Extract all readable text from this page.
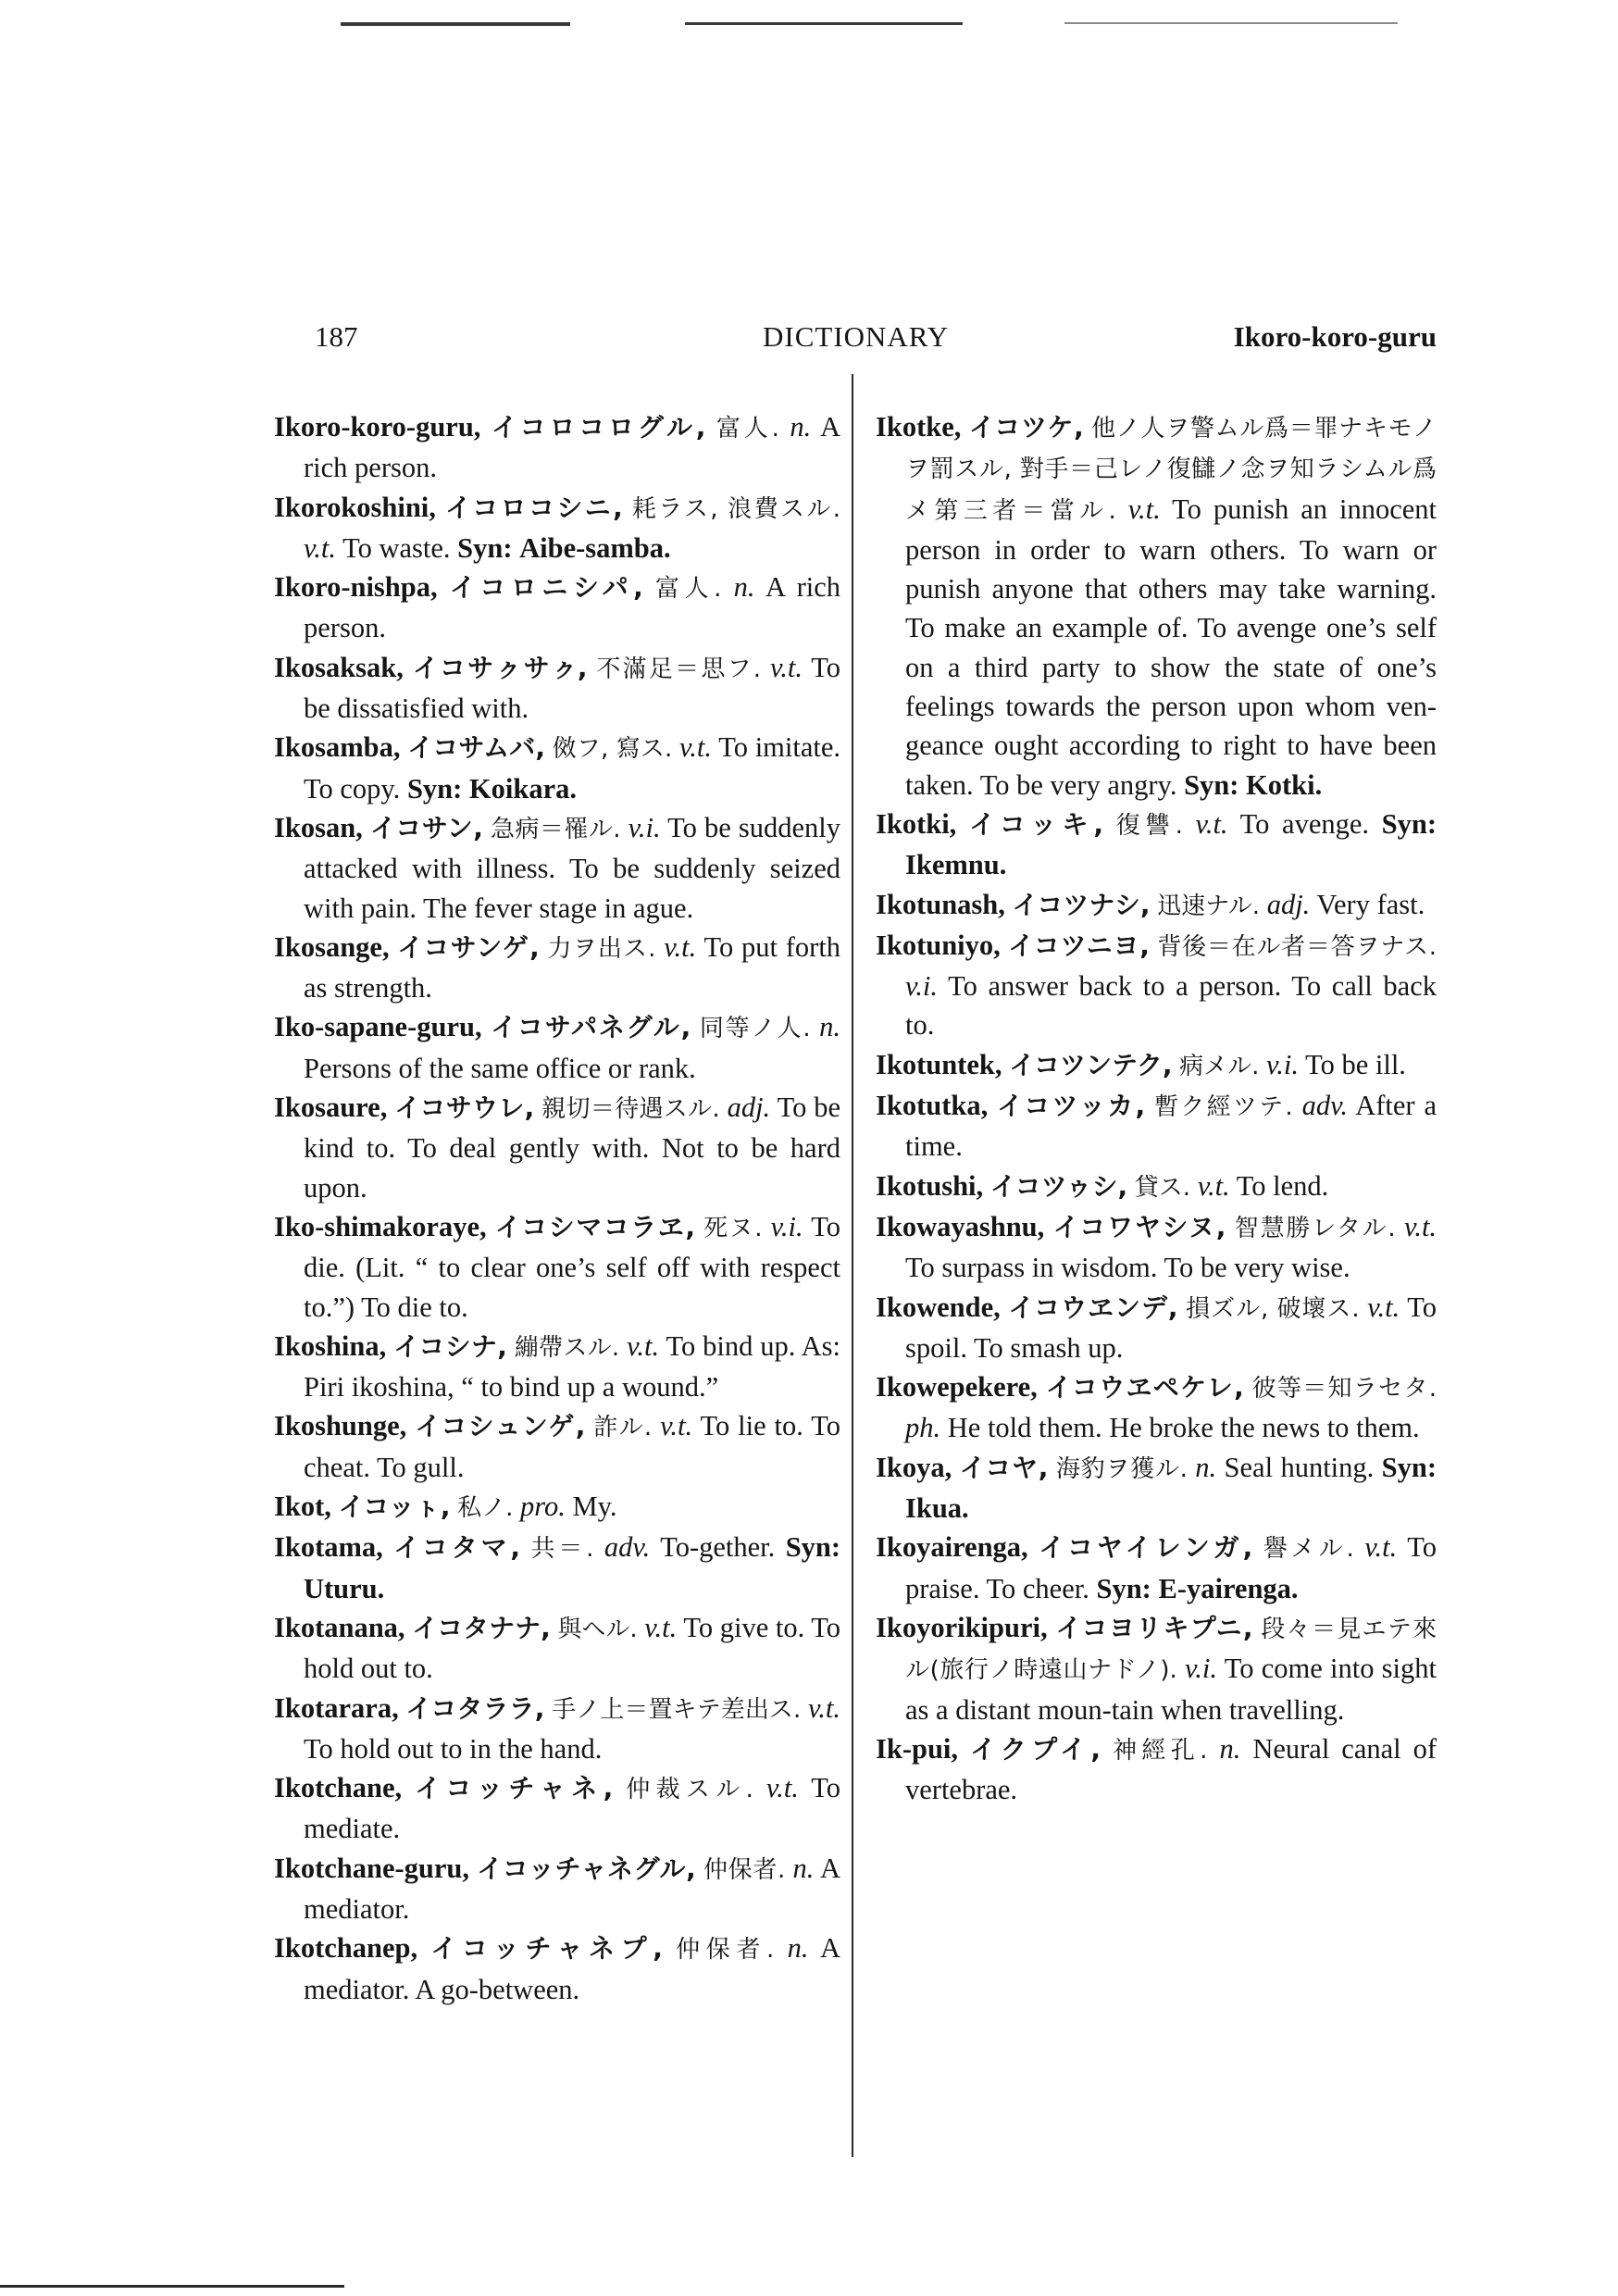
187	DICTIONARY	Ikoro-koro-guru

Ikoro-koro-guru, イコロコログル, 富人. n. A rich person.

Ikorokoshini, イコロコシニ, 耗ラス, 浪費スル. v.t. To waste. Syn: Aibe-samba.

Ikoro-nishpa, イコロニシパ, 富人. n. A rich person.

Ikosaksak, イコサㇰサㇰ, 不滿足＝思フ. v.t. To be dissatisfied with.

Ikosamba, イコサムバ, 傚フ, 寫ス. v.t. To imitate. To copy. Syn: Koikara.

Ikosan, イコサン, 急病＝罹ル. v.i. To be suddenly attacked with illness. To be suddenly seized with pain. The fever stage in ague.

Ikosange, イコサンゲ, 力ヲ出ス. v.t. To put forth as strength.

Iko-sapane-guru, イコサパネグル, 同等ノ人. n. Persons of the same office or rank.

Ikosaure, イコサウレ, 親切＝待遇スル. adj. To be kind to. To deal gently with. Not to be hard upon.

Iko-shimakoraye, イコシマコラヱ, 死ヌ. v.i. To die. (Lit. “ to clear one’s self off with respect to.”) To die to.

Ikoshina, イコシナ, 繃帶スル. v.t. To bind up. As: Piri ikoshina, “ to bind up a wound.”

Ikoshunge, イコシュンゲ, 詐ル. v.t. To lie to. To cheat. To gull.

Ikot, イコッㇳ, 私ノ. pro. My.

Ikotama, イコタマ, 共＝. adv. To-gether. Syn: Uturu.

Ikotanana, イコタナナ, 與ヘル. v.t. To give to. To hold out to.

Ikotarara, イコタララ, 手ノ上＝置キテ差出ス. v.t. To hold out to in the hand.

Ikotchane, イコッチャネ, 仲裁スル. v.t. To mediate.

Ikotchane-guru, イコッチャネグル, 仲保者. n. A mediator.

Ikotchanep, イコッチャネプ, 仲保者. n. A mediator. A go-between.

Ikotke, イコツケ, 他ノ人ヲ警ムル爲＝罪ナキモノヲ罰スル, 對手＝己レノ復讎ノ念ヲ知ラシムル爲メ第三者＝當ル. v.t. To punish an innocent person in order to warn others. To warn or punish anyone that others may take warning. To make an example of. To avenge one’s self on a third party to show the state of one’s feelings towards the person upon whom ven-geance ought according to right to have been taken. To be very angry. Syn: Kotki.

Ikotki, イコッキ, 復讐. v.t. To avenge. Syn: Ikemnu.

Ikotunash, イコツナシ, 迅速ナル. adj. Very fast.

Ikotuniyo, イコツニヨ, 背後＝在ル者＝答ヲナス. v.i. To answer back to a person. To call back to.

Ikotuntek, イコツンテク, 病メル. v.i. To be ill.

Ikotutka, イコツッカ, 暫ク經ツテ. adv. After a time.

Ikotushi, イコツゥシ, 貸ス. v.t. To lend.

Ikowayashnu, イコワヤシヌ, 智慧勝レタル. v.t. To surpass in wisdom. To be very wise.

Ikowende, イコウヱンデ, 損ズル, 破壞ス. v.t. To spoil. To smash up.

Ikowepekere, イコウヱペケレ, 彼等＝知ラセタ. ph. He told them. He broke the news to them.

Ikoya, イコヤ, 海豹ヲ獲ル. n. Seal hunting. Syn: Ikua.

Ikoyairenga, イコヤイレンガ, 譽メル. v.t. To praise. To cheer. Syn: E-yairenga.

Ikoyorikipuri, イコヨリキプニ, 段々＝見エテ來ル(旅行ノ時遠山ナドノ). v.i. To come into sight as a distant moun-tain when travelling.

Ik-pui, イクプイ, 神經孔. n. Neural canal of vertebrae.
